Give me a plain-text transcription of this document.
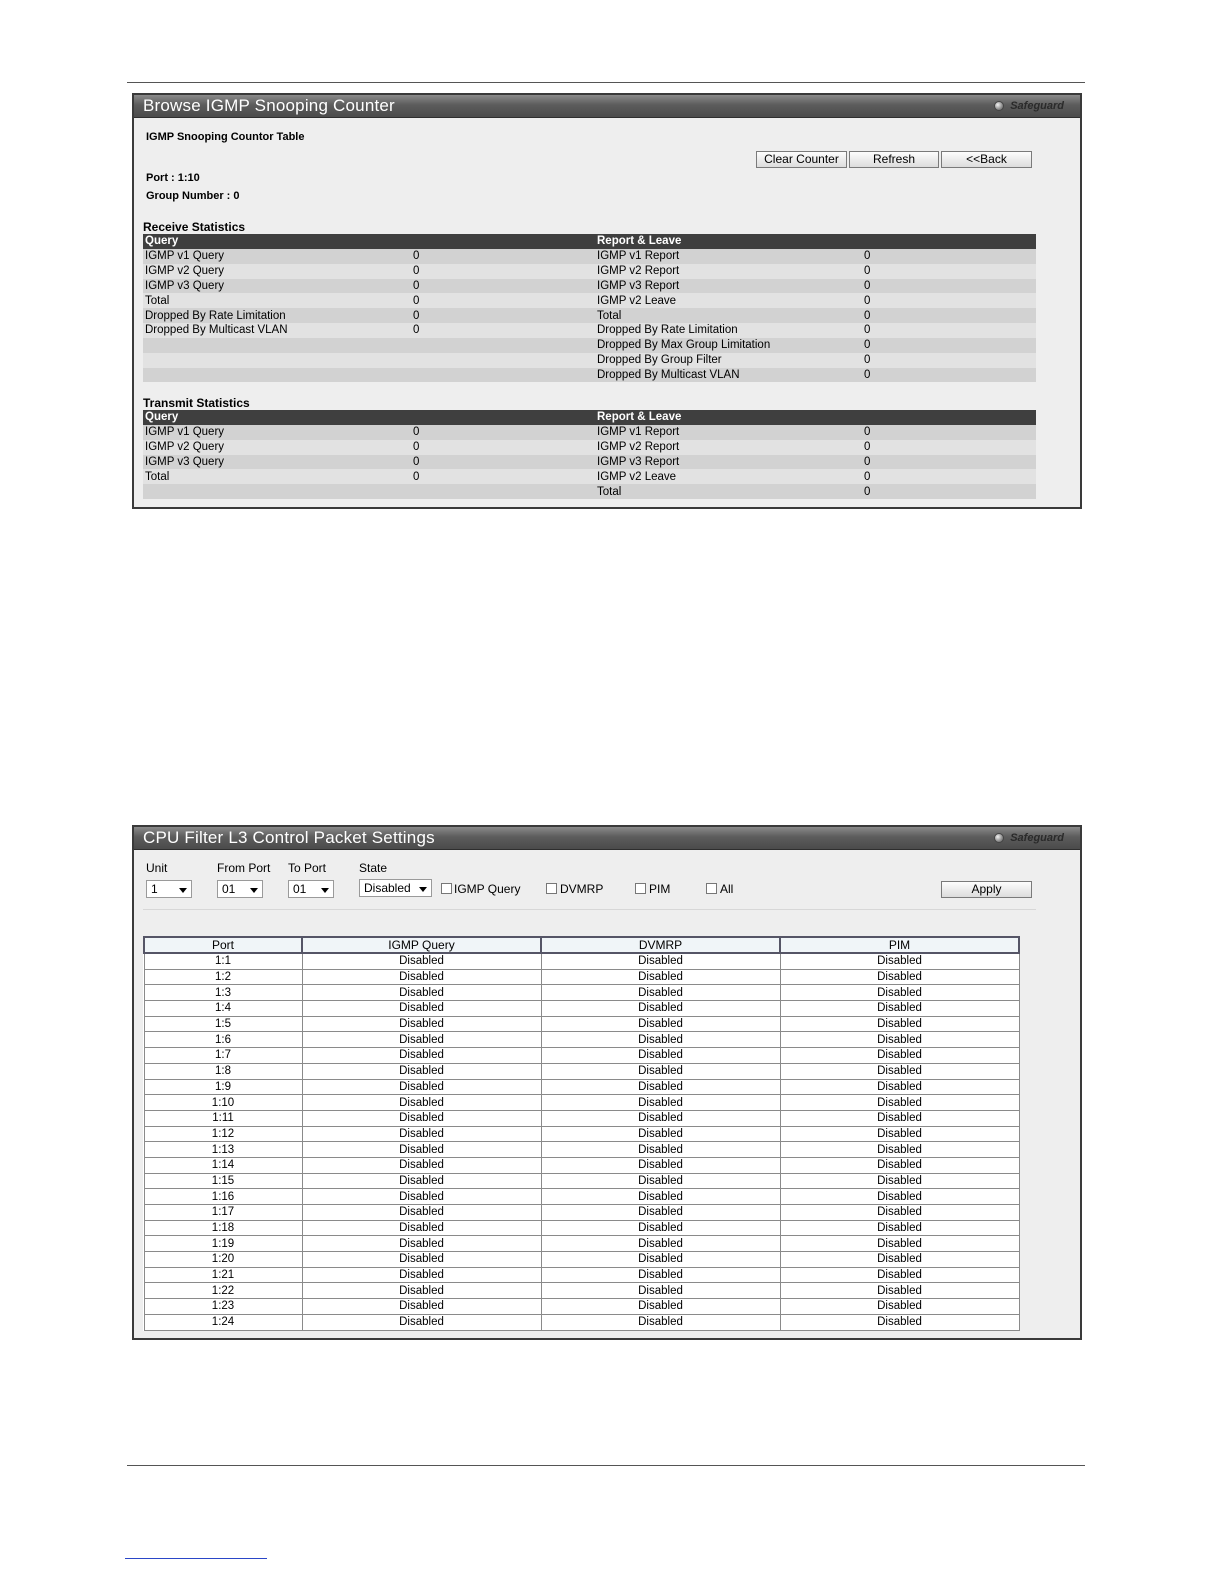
Browse IGMP Snooping Counter	Safeguard
IGMP Snooping Countor Table
Clear Counter	Refresh	<<Back
Port : 1:10
Group Number : 0
Receive Statistics
Query		Report & Leave	
IGMP v1 Query	0	IGMP v1 Report	0
IGMP v2 Query	0	IGMP v2 Report	0
IGMP v3 Query	0	IGMP v3 Report	0
Total	0	IGMP v2 Leave	0
Dropped By Rate Limitation	0	Total	0
Dropped By Multicast VLAN	0	Dropped By Rate Limitation	0
		Dropped By Max Group Limitation	0
		Dropped By Group Filter	0
		Dropped By Multicast VLAN	0
Transmit Statistics
Query		Report & Leave	
IGMP v1 Query	0	IGMP v1 Report	0
IGMP v2 Query	0	IGMP v2 Report	0
IGMP v3 Query	0	IGMP v3 Report	0
Total	0	IGMP v2 Leave	0
		Total	0
CPU Filter L3 Control Packet Settings	Safeguard
Unit
1
From Port
01
To Port
01
State
Disabled	IGMP Query	DVMRP	PIM	All	Apply
Port	IGMP Query	DVMRP	PIM
1:1	Disabled	Disabled	Disabled
1:2	Disabled	Disabled	Disabled
1:3	Disabled	Disabled	Disabled
1:4	Disabled	Disabled	Disabled
1:5	Disabled	Disabled	Disabled
1:6	Disabled	Disabled	Disabled
1:7	Disabled	Disabled	Disabled
1:8	Disabled	Disabled	Disabled
1:9	Disabled	Disabled	Disabled
1:10	Disabled	Disabled	Disabled
1:11	Disabled	Disabled	Disabled
1:12	Disabled	Disabled	Disabled
1:13	Disabled	Disabled	Disabled
1:14	Disabled	Disabled	Disabled
1:15	Disabled	Disabled	Disabled
1:16	Disabled	Disabled	Disabled
1:17	Disabled	Disabled	Disabled
1:18	Disabled	Disabled	Disabled
1:19	Disabled	Disabled	Disabled
1:20	Disabled	Disabled	Disabled
1:21	Disabled	Disabled	Disabled
1:22	Disabled	Disabled	Disabled
1:23	Disabled	Disabled	Disabled
1:24	Disabled	Disabled	Disabled
